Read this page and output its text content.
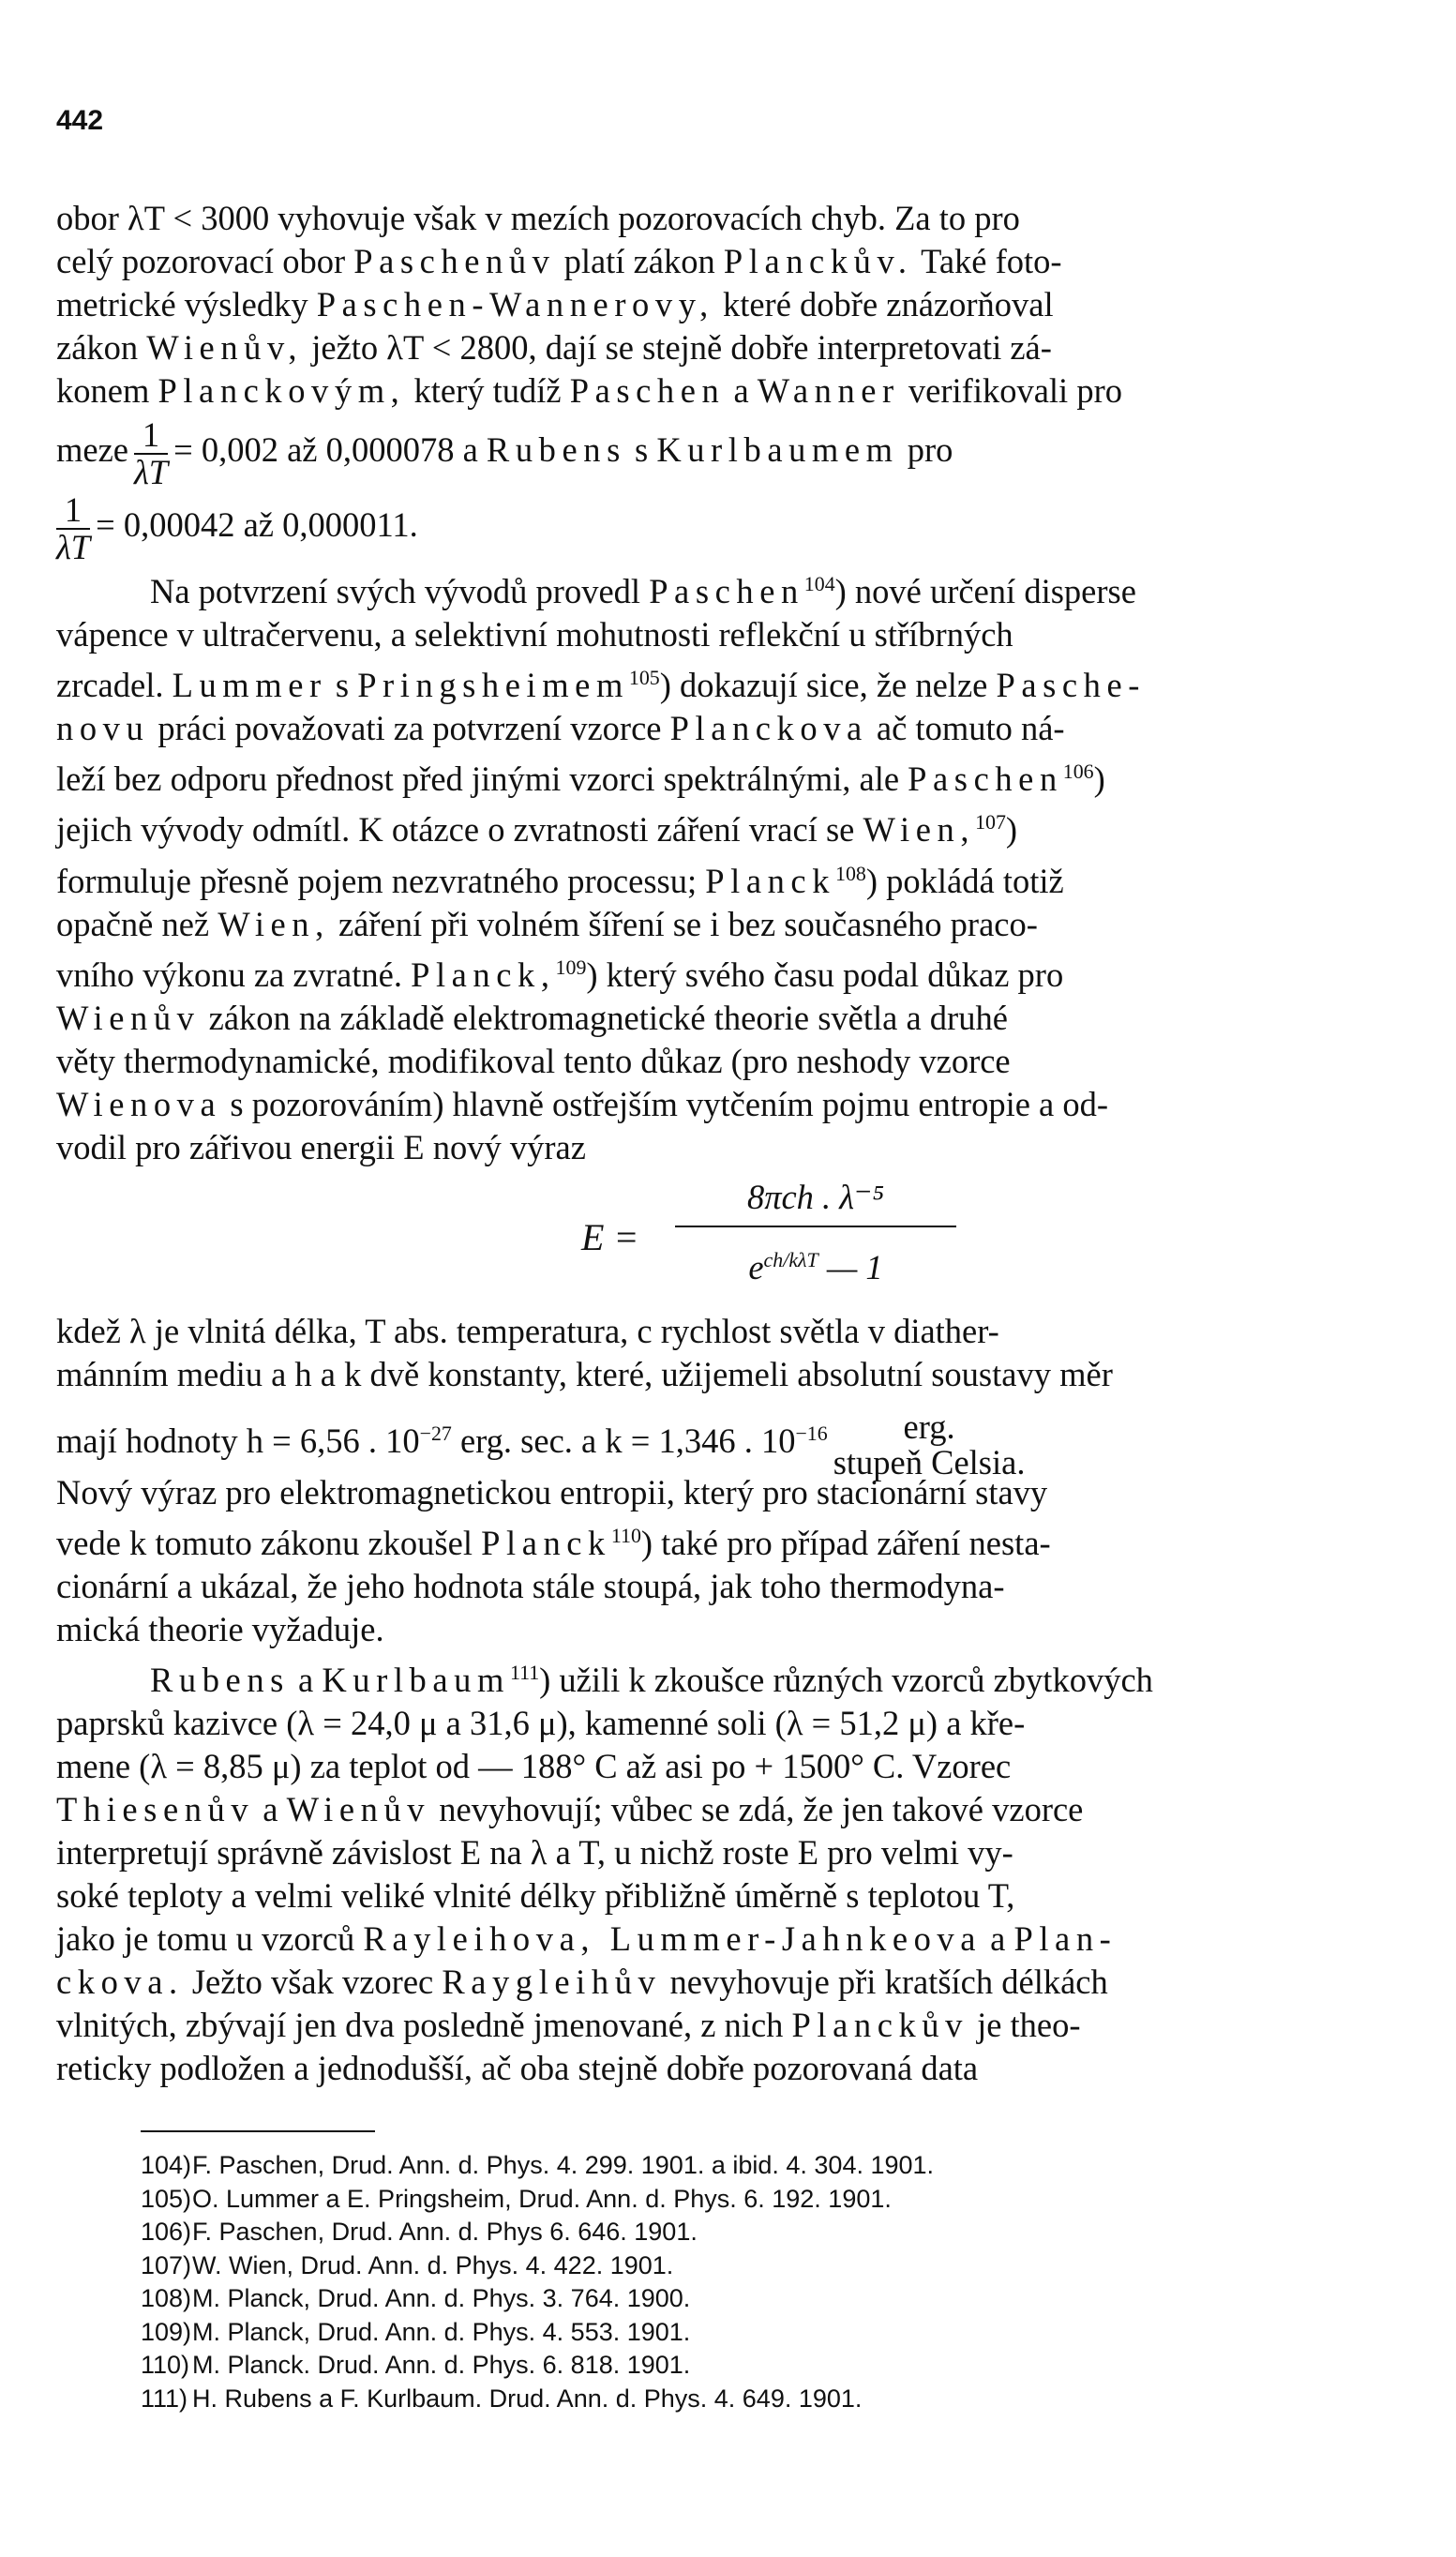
442
obor λT < 3000 vyhovuje však v mezích pozorovacích chyb. Za to pro
celý pozorovací obor Paschenův platí zákon Planckův. Také foto-
metrické výsledky Paschen-Wannerovy, které dobře znázorňoval
zákon Wienův, ježto λT < 2800, dají se stejně dobře interpretovati zá-
konem Planckovým, který tudíž Paschen a Wanner verifikovali pro
meze $\frac{1}{\lambda T} = 0,002$ až 0,000078 a Rubens s Kurlbaumem pro
$\frac{1}{\lambda T} = 0,00042$ až 0,000011.
Na potvrzení svých vývodů provedl Paschen$^{104}$) nové určení disperse
vápence v ultračervenu, a selektivní mohutnosti reflekční u stříbrných
zrcadel. Lummer s Pringsheimem$^{105}$) dokazují sice, že nelze Pasche-
novu práci považovati za potvrzení vzorce Planckova ač tomuto ná-
leží bez odporu přednost před jinými vzorci spektrálnými, ale Paschen$^{106}$)
jejich vývody odmítl. K otázce o zvratnosti záření vrací se Wien,$^{107}$)
formuluje přesně pojem nezvratného processu; Planck$^{108}$) pokládá totiž
opačně než Wien, záření při volném šíření se i bez současného praco-
vního výkonu za zvratné. Planck,$^{109}$) který svého času podal důkaz pro
Wienův zákon na základě elektromagnetické theorie světla a druhé
věty thermodynamické, modifikoval tento důkaz (pro neshody vzorce
Wienova s pozorováním) hlavně ostřejším vytčením pojmu entropie a od-
vodil pro zářivou energii E nový výraz
E =
8πch . λ⁻⁵
$e^{ch/k\lambda T}$ — 1
kdež λ je vlnitá délka, T abs. temperatura, c rychlost světla v diather-
mánním mediu a h a k dvě konstanty, které, užijemeli absolutní soustavy měr
mají hodnoty h = 6,56 . $10^{-27}$ erg. sec. a k = 1,346 . $10^{-16}$	erg.
stupeň Celsia.
Nový výraz pro elektromagnetickou entropii, který pro stacionární stavy
vede k tomuto zákonu zkoušel Planck$^{110}$) také pro případ záření nesta-
cionární a ukázal, že jeho hodnota stále stoupá, jak toho thermodyna-
mická theorie vyžaduje.
Rubens a Kurlbaum$^{111}$) užili k zkoušce různých vzorců zbytkových
paprsků kazivce (λ = 24,0 μ a 31,6 μ), kamenné soli (λ = 51,2 μ) a kře-
mene (λ = 8,85 μ) za teplot od — 188° C až asi po + 1500° C. Vzorec
Thiesenův a Wienův nevyhovují; vůbec se zdá, že jen takové vzorce
interpretují správně závislost E na λ a T, u nichž roste E pro velmi vy-
soké teploty a velmi veliké vlnité délky přibližně úměrně s teplotou T,
jako je tomu u vzorců Rayleihova, Lummer-Jahnkeova a Plan-
ckova. Ježto však vzorec Raygleihův nevyhovuje při kratších délkách
vlnitých, zbývají jen dva posledně jmenované, z nich Planckův je theo-
reticky podložen a jednodušší, ač oba stejně dobře pozorovaná data
104)F. Paschen, Drud. Ann. d. Phys. 4. 299. 1901. a ibid. 4. 304. 1901.
105)O. Lummer a E. Pringsheim, Drud. Ann. d. Phys. 6. 192. 1901.
106)F. Paschen, Drud. Ann. d. Phys 6. 646. 1901.
107)W. Wien, Drud. Ann. d. Phys. 4. 422. 1901.
108)M. Planck, Drud. Ann. d. Phys. 3. 764. 1900.
109)M. Planck, Drud. Ann. d. Phys. 4. 553. 1901.
110) M. Planck. Drud. Ann. d. Phys. 6. 818. 1901.
111) H. Rubens a F. Kurlbaum. Drud. Ann. d. Phys. 4. 649. 1901.
